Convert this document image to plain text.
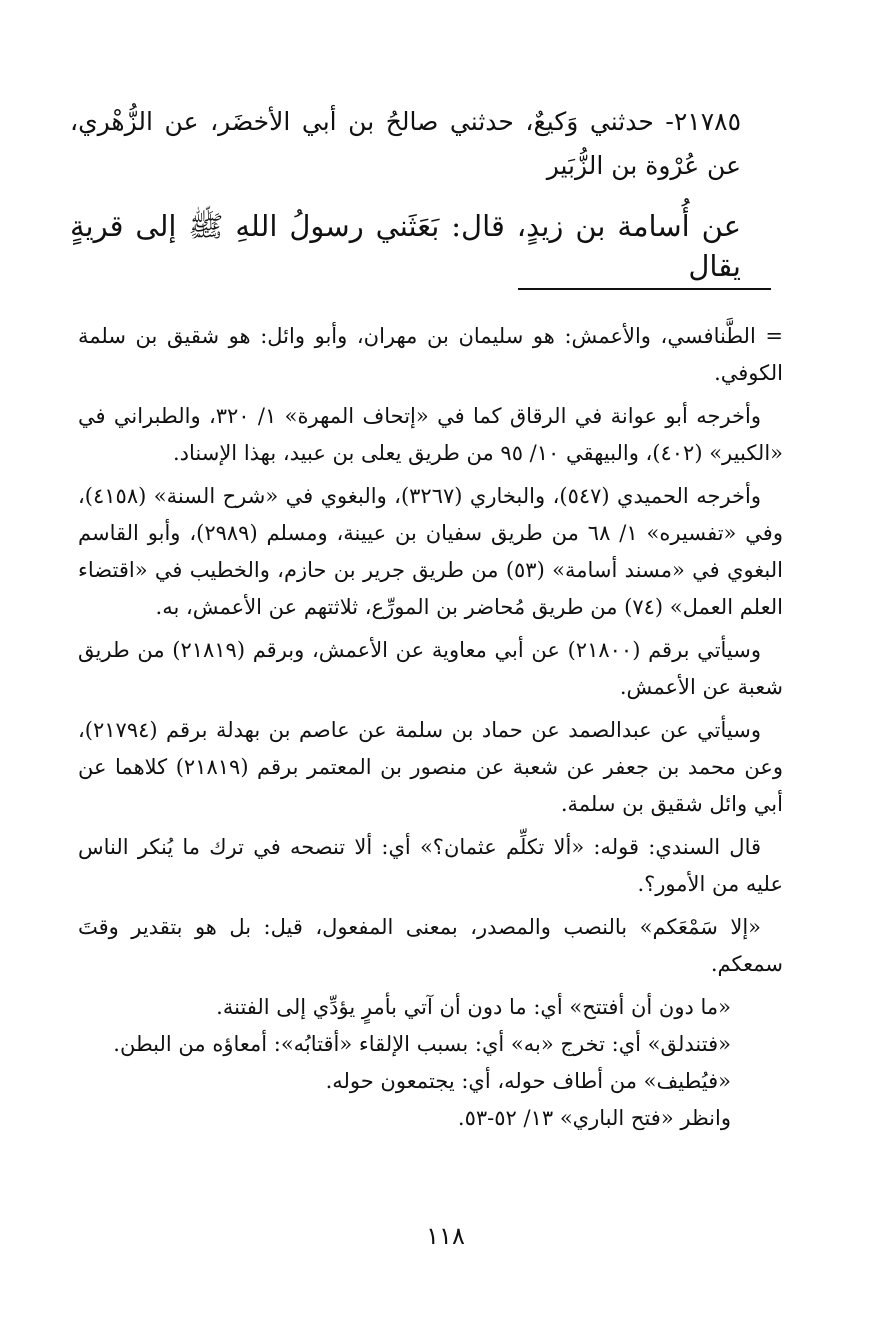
٢١٧٨٥- حدثني وَكيعٌ، حدثني صالحُ بن أبي الأخضَر، عن الزُّهْري، عن عُرْوة بن الزُّبَير
عن أُسامة بن زيدٍ، قال: بَعَثَني رسولُ اللهِ ﷺ إلى قريةٍ يقال

= الطَّنافسي، والأعمش: هو سليمان بن مهران، وأبو وائل: هو شقيق بن سلمة الكوفي.

وأخرجه أبو عوانة في الرقاق كما في «إتحاف المهرة» ١/ ٣٢٠، والطبراني في «الكبير» (٤٠٢)، والبيهقي ١٠/ ٩٥ من طريق يعلى بن عبيد، بهذا الإسناد.

وأخرجه الحميدي (٥٤٧)، والبخاري (٣٢٦٧)، والبغوي في «شرح السنة» (٤١٥٨)، وفي «تفسيره» ١/ ٦٨ من طريق سفيان بن عيينة، ومسلم (٢٩٨٩)، وأبو القاسم البغوي في «مسند أسامة» (٥٣) من طريق جرير بن حازم، والخطيب في «اقتضاء العلم العمل» (٧٤) من طريق مُحاضر بن المورِّع، ثلاثتهم عن الأعمش، به.

وسيأتي برقم (٢١٨٠٠) عن أبي معاوية عن الأعمش، وبرقم (٢١٨١٩) من طريق شعبة عن الأعمش.

وسيأتي عن عبدالصمد عن حماد بن سلمة عن عاصم بن بهدلة برقم (٢١٧٩٤)، وعن محمد بن جعفر عن شعبة عن منصور بن المعتمر برقم (٢١٨١٩) كلاهما عن أبي وائل شقيق بن سلمة.

قال السندي: قوله: «ألا تكلِّم عثمان؟» أي: ألا تنصحه في ترك ما يُنكر الناس عليه من الأمور؟.

«إلا سَمْعَكم» بالنصب والمصدر، بمعنى المفعول، قيل: بل هو بتقدير وقتَ سمعكم.

«ما دون أن أفتتح» أي: ما دون أن آتي بأمرٍ يؤدِّي إلى الفتنة.

«فتندلق» أي: تخرج «به» أي: بسبب الإلقاء «أقتابُه»: أمعاؤه من البطن.

«فيُطيف» من أطاف حوله، أي: يجتمعون حوله.

وانظر «فتح الباري» ١٣/ ٥٢-٥٣.

١١٨
